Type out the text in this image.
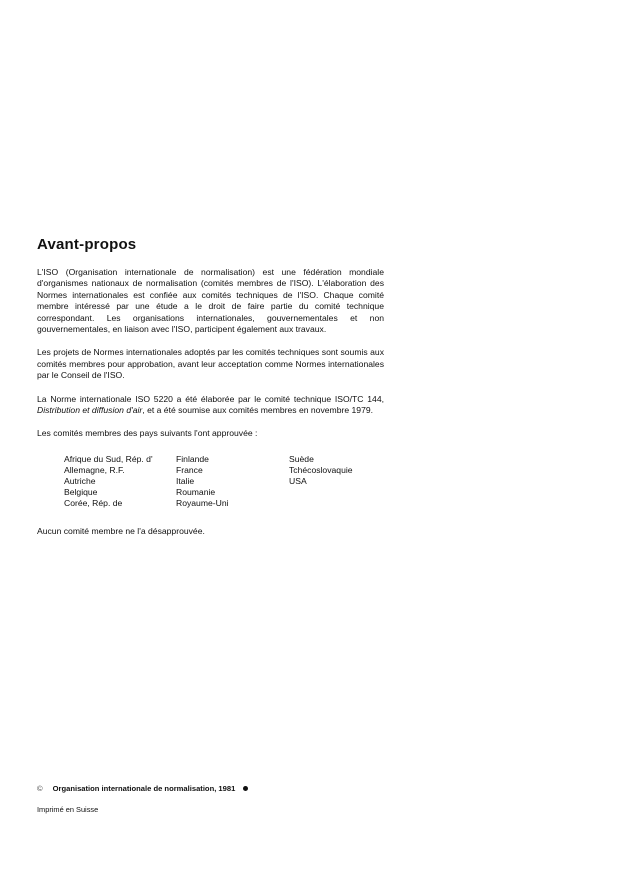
Avant-propos

L'ISO (Organisation internationale de normalisation) est une fédération mondiale d'organismes nationaux de normalisation (comités membres de l'ISO). L'élaboration des Normes internationales est confiée aux comités techniques de l'ISO. Chaque comité membre intéressé par une étude a le droit de faire partie du comité technique correspondant. Les organisations internationales, gouvernementales et non gouvernementales, en liaison avec l'ISO, participent également aux travaux.

Les projets de Normes internationales adoptés par les comités techniques sont soumis aux comités membres pour approbation, avant leur acceptation comme Normes internationales par le Conseil de l'ISO.

La Norme internationale ISO 5220 a été élaborée par le comité technique ISO/TC 144, Distribution et diffusion d'air, et a été soumise aux comités membres en novembre 1979.

Les comités membres des pays suivants l'ont approuvée :

Afrique du Sud, Rép. d'
Allemagne, R.F.
Autriche
Belgique
Corée, Rép. de
Finlande
France
Italie
Roumanie
Royaume-Uni
Suède
Tchécoslovaquie
USA

Aucun comité membre ne l'a désapprouvée.

© Organisation internationale de normalisation, 1981
Imprimé en Suisse
